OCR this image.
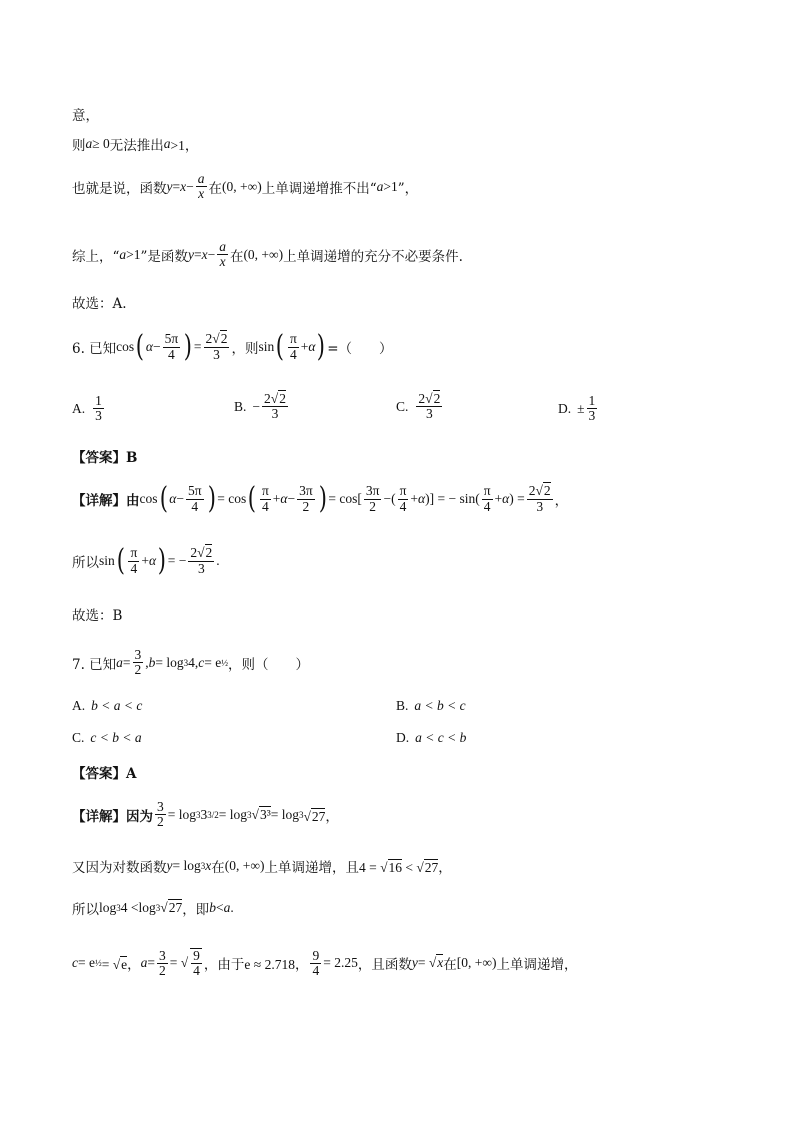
意，
则 a ≥ 0 无法推出 a >1，
也就是说，函数 $y = x - \frac{a}{x}$ 在 (0, +∞) 上单调递增推不出“ a >1 ”，
综上，“ a >1 ”是函数 $y = x - \frac{a}{x}$ 在 (0, +∞) 上单调递增的充分不必要条件.
故选：A.
6. 已知 cos ( $\alpha - \frac{5\pi}{4}$ ) = $\frac{2√2}{3}$ ，则 sin ( $\frac{\pi}{4} + \alpha$ ) =（　　）
A. $\frac{1}{3}$	B. − $\frac{2√2}{3}$	C. $\frac{2√2}{3}$	D. ± $\frac{1}{3}$
【答案】B
【详解】由 cos ( $\alpha - \frac{5\pi}{4}$ ) = cos ( $\frac{\pi}{4} + \alpha - \frac{3\pi}{2}$ ) = $\cos[ \frac{3\pi}{2}$ −( $\frac{\pi}{4} + \alpha$ )] = − $\sin( \frac{\pi}{4} + \alpha$ ) = $\frac{2√2}{3}$ ，
所以 sin ( $\frac{\pi}{4} + \alpha$ ) = − $\frac{2√2}{3}$ .
故选：B
7. 已知 $a = \frac{3}{2}$ , b = log 3 4, c = e ½ ，则（　　）
A. b < a < c	B. a < b < c
C. c < b < a	D. a < c < b
【答案】A
【详解】因为 $\frac{3}{2} = \log 3$ 3 3/2 = log 3 √3³ = log 3 √27，
又因为对数函数 y = log 3 x 在 (0, +∞) 上单调递增，且 4 = √16 < √27，
所以 log 3 4 <log 3 √27 ，即 b < a .
c = e ½ = √e， $a = \frac{3}{2}$ = √ $\frac{9}{4}$ ，由于 e ≈ 2.718， $\frac{9}{4} = 2.25$ ，且函数 y = √x 在 [0, +∞) 上单调递增，
